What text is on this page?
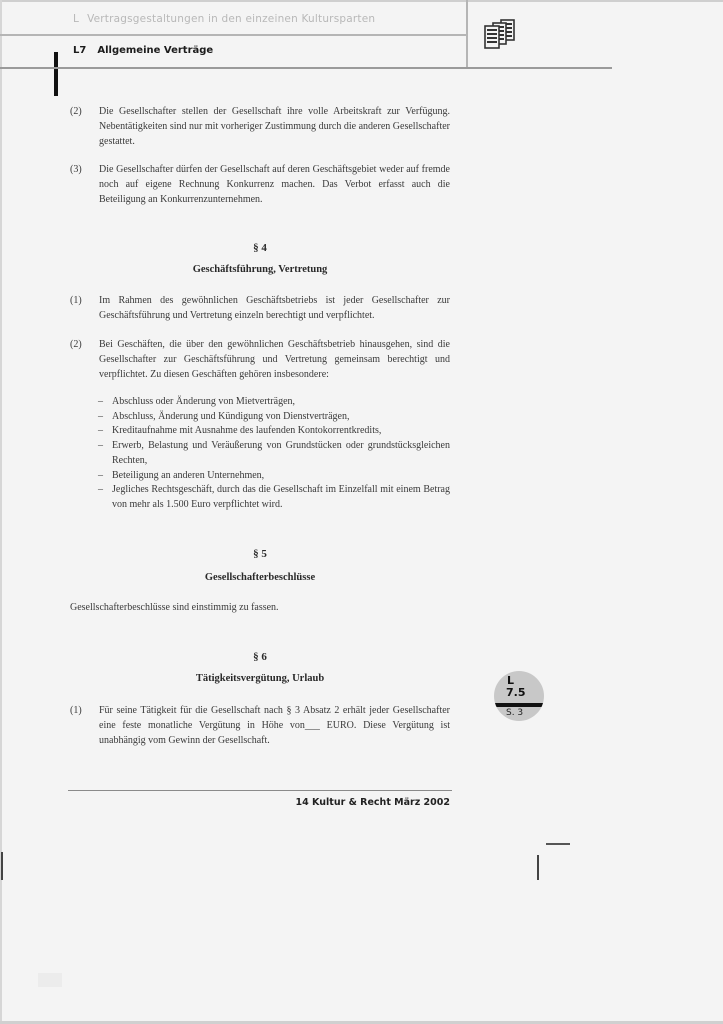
L Vertragsgestaltungen in den einzeinen Kultursparten
L7 Allgemeine Verträge
(2) Die Gesellschafter stellen der Gesellschaft ihre volle Arbeitskraft zur Verfügung. Nebentätigkeiten sind nur mit vorheriger Zustimmung durch die anderen Gesellschafter gestattet.
(3) Die Gesellschafter dürfen der Gesellschaft auf deren Geschäftsgebiet weder auf fremde noch auf eigene Rechnung Konkurrenz machen. Das Verbot erfasst auch die Beteiligung an Konkurrenzunternehmen.
§ 4
Geschäftsführung, Vertretung
(1) Im Rahmen des gewöhnlichen Geschäftsbetriebs ist jeder Gesellschafter zur Geschäftsführung und Vertretung einzeln berechtigt und verpflichtet.
(2) Bei Geschäften, die über den gewöhnlichen Geschäftsbetrieb hinausgehen, sind die Gesellschafter zur Geschäftsführung und Vertretung gemeinsam berechtigt und verpflichtet. Zu diesen Geschäften gehören insbesondere:
– Abschluss oder Änderung von Mietverträgen,
– Abschluss, Änderung und Kündigung von Dienstverträgen,
– Kreditaufnahme mit Ausnahme des laufenden Kontokorrentkredits,
– Erwerb, Belastung und Veräußerung von Grundstücken oder grundstücksgleichen Rechten,
– Beteiligung an anderen Unternehmen,
– Jegliches Rechtsgeschäft, durch das die Gesellschaft im Einzelfall mit einem Betrag von mehr als 1.500 Euro verpflichtet wird.
§ 5
Gesellschafterbeschlüsse
Gesellschafterbeschlüsse sind einstimmig zu fassen.
§ 6
Tätigkeitsvergütung, Urlaub
(1) Für seine Tätigkeit für die Gesellschaft nach § 3 Absatz 2 erhält jeder Gesellschafter eine feste monatliche Vergütung in Höhe von___ EURO. Diese Vergütung ist unabhängig vom Gewinn der Gesellschaft.
L
7.5
S. 3
14 Kultur & Recht März 2002
